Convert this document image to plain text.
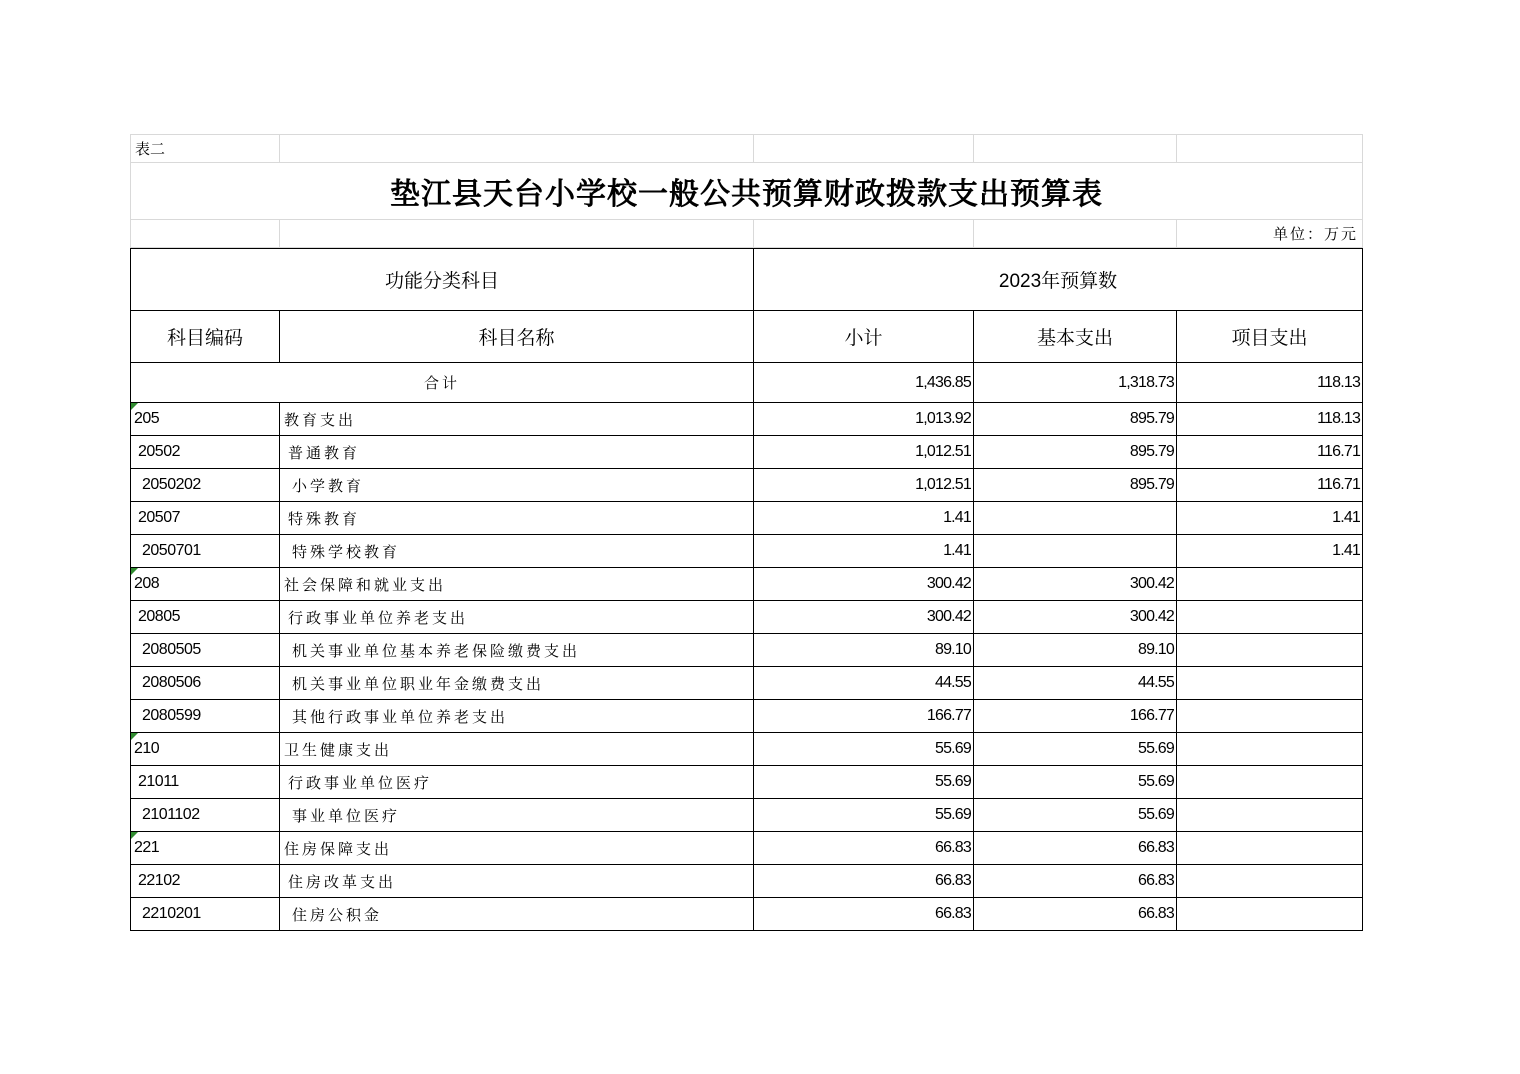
表二				
垫江县天台小学校一般公共预算财政拨款支出预算表				
				单位：万元
功能分类科目		2023年预算数		
科目编码	科目名称	小计	基本支出	项目支出
合计		1,436.85	1,318.73	118.13

205	教育支出	1,013.92	895.79	118.13
20502	普通教育	1,012.51	895.79	116.71
2050202	小学教育	1,012.51	895.79	116.71
20507	特殊教育	1.41		1.41
2050701	特殊学校教育	1.41		1.41

208	社会保障和就业支出	300.42	300.42	
20805	行政事业单位养老支出	300.42	300.42	
2080505	机关事业单位基本养老保险缴费支出	89.10	89.10	
2080506	机关事业单位职业年金缴费支出	44.55	44.55	
2080599	其他行政事业单位养老支出	166.77	166.77	

210	卫生健康支出	55.69	55.69	
21011	行政事业单位医疗	55.69	55.69	
2101102	事业单位医疗	55.69	55.69	

221	住房保障支出	66.83	66.83	
22102	住房改革支出	66.83	66.83	
2210201	住房公积金	66.83	66.83	
